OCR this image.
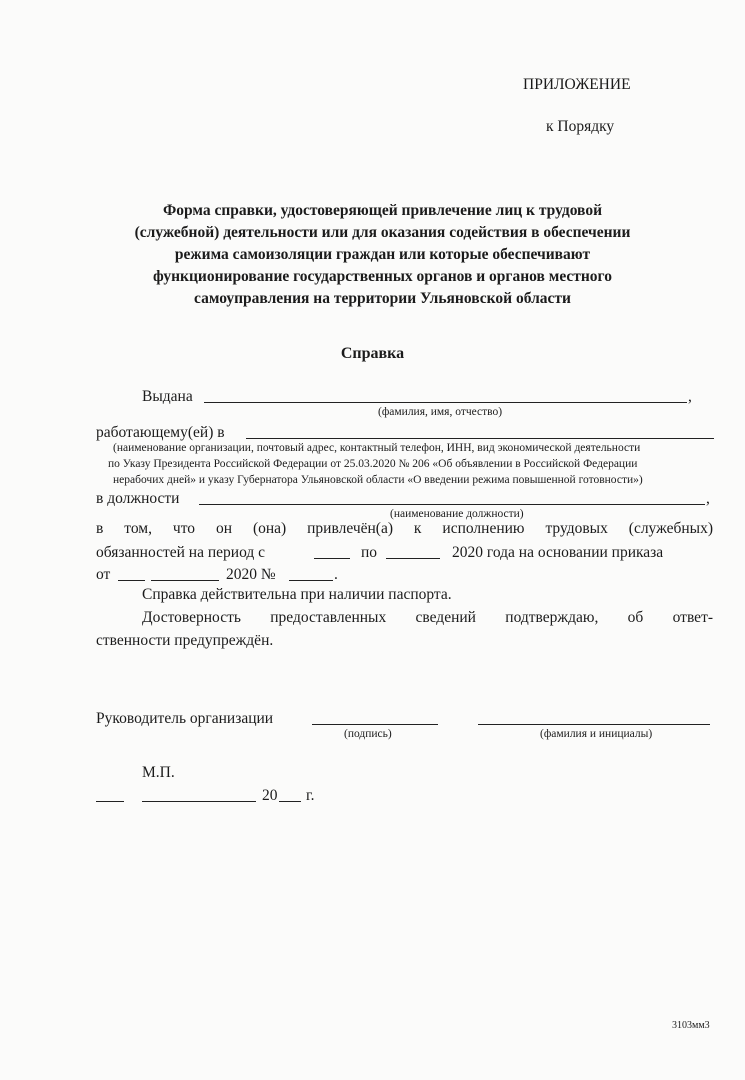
ПРИЛОЖЕНИЕ
к Порядку
Форма справки, удостоверяющей привлечение лиц к трудовой
(служебной) деятельности или для оказания содействия в обеспечении
режима самоизоляции граждан или которые обеспечивают
функционирование государственных органов и органов местного
самоуправления на территории Ульяновской области
Справка
Выдана	,
(фамилия, имя, отчество)
работающему(ей) в
(наименование организации, почтовый адрес, контактный телефон, ИНН, вид экономической деятельности
по Указу Президента Российской Федерации от 25.03.2020 № 206 «Об объявлении в Российской Федерации
нерабочих дней» и указу Губернатора Ульяновской области «О введении режима повышенной готовности»)
в должности	,
(наименование должности)
в том, что он (она) привлечён(а) к исполнению трудовых (служебных)
обязанностей на период с	по	2020 года на основании приказа
от	2020 №	.
Справка действительна при наличии паспорта.
Достоверность предоставленных сведений подтверждаю, об ответ-
ственности предупреждён.
Руководитель организации
(подпись)	(фамилия и инициалы)
М.П.
20 г.
3103мм3
